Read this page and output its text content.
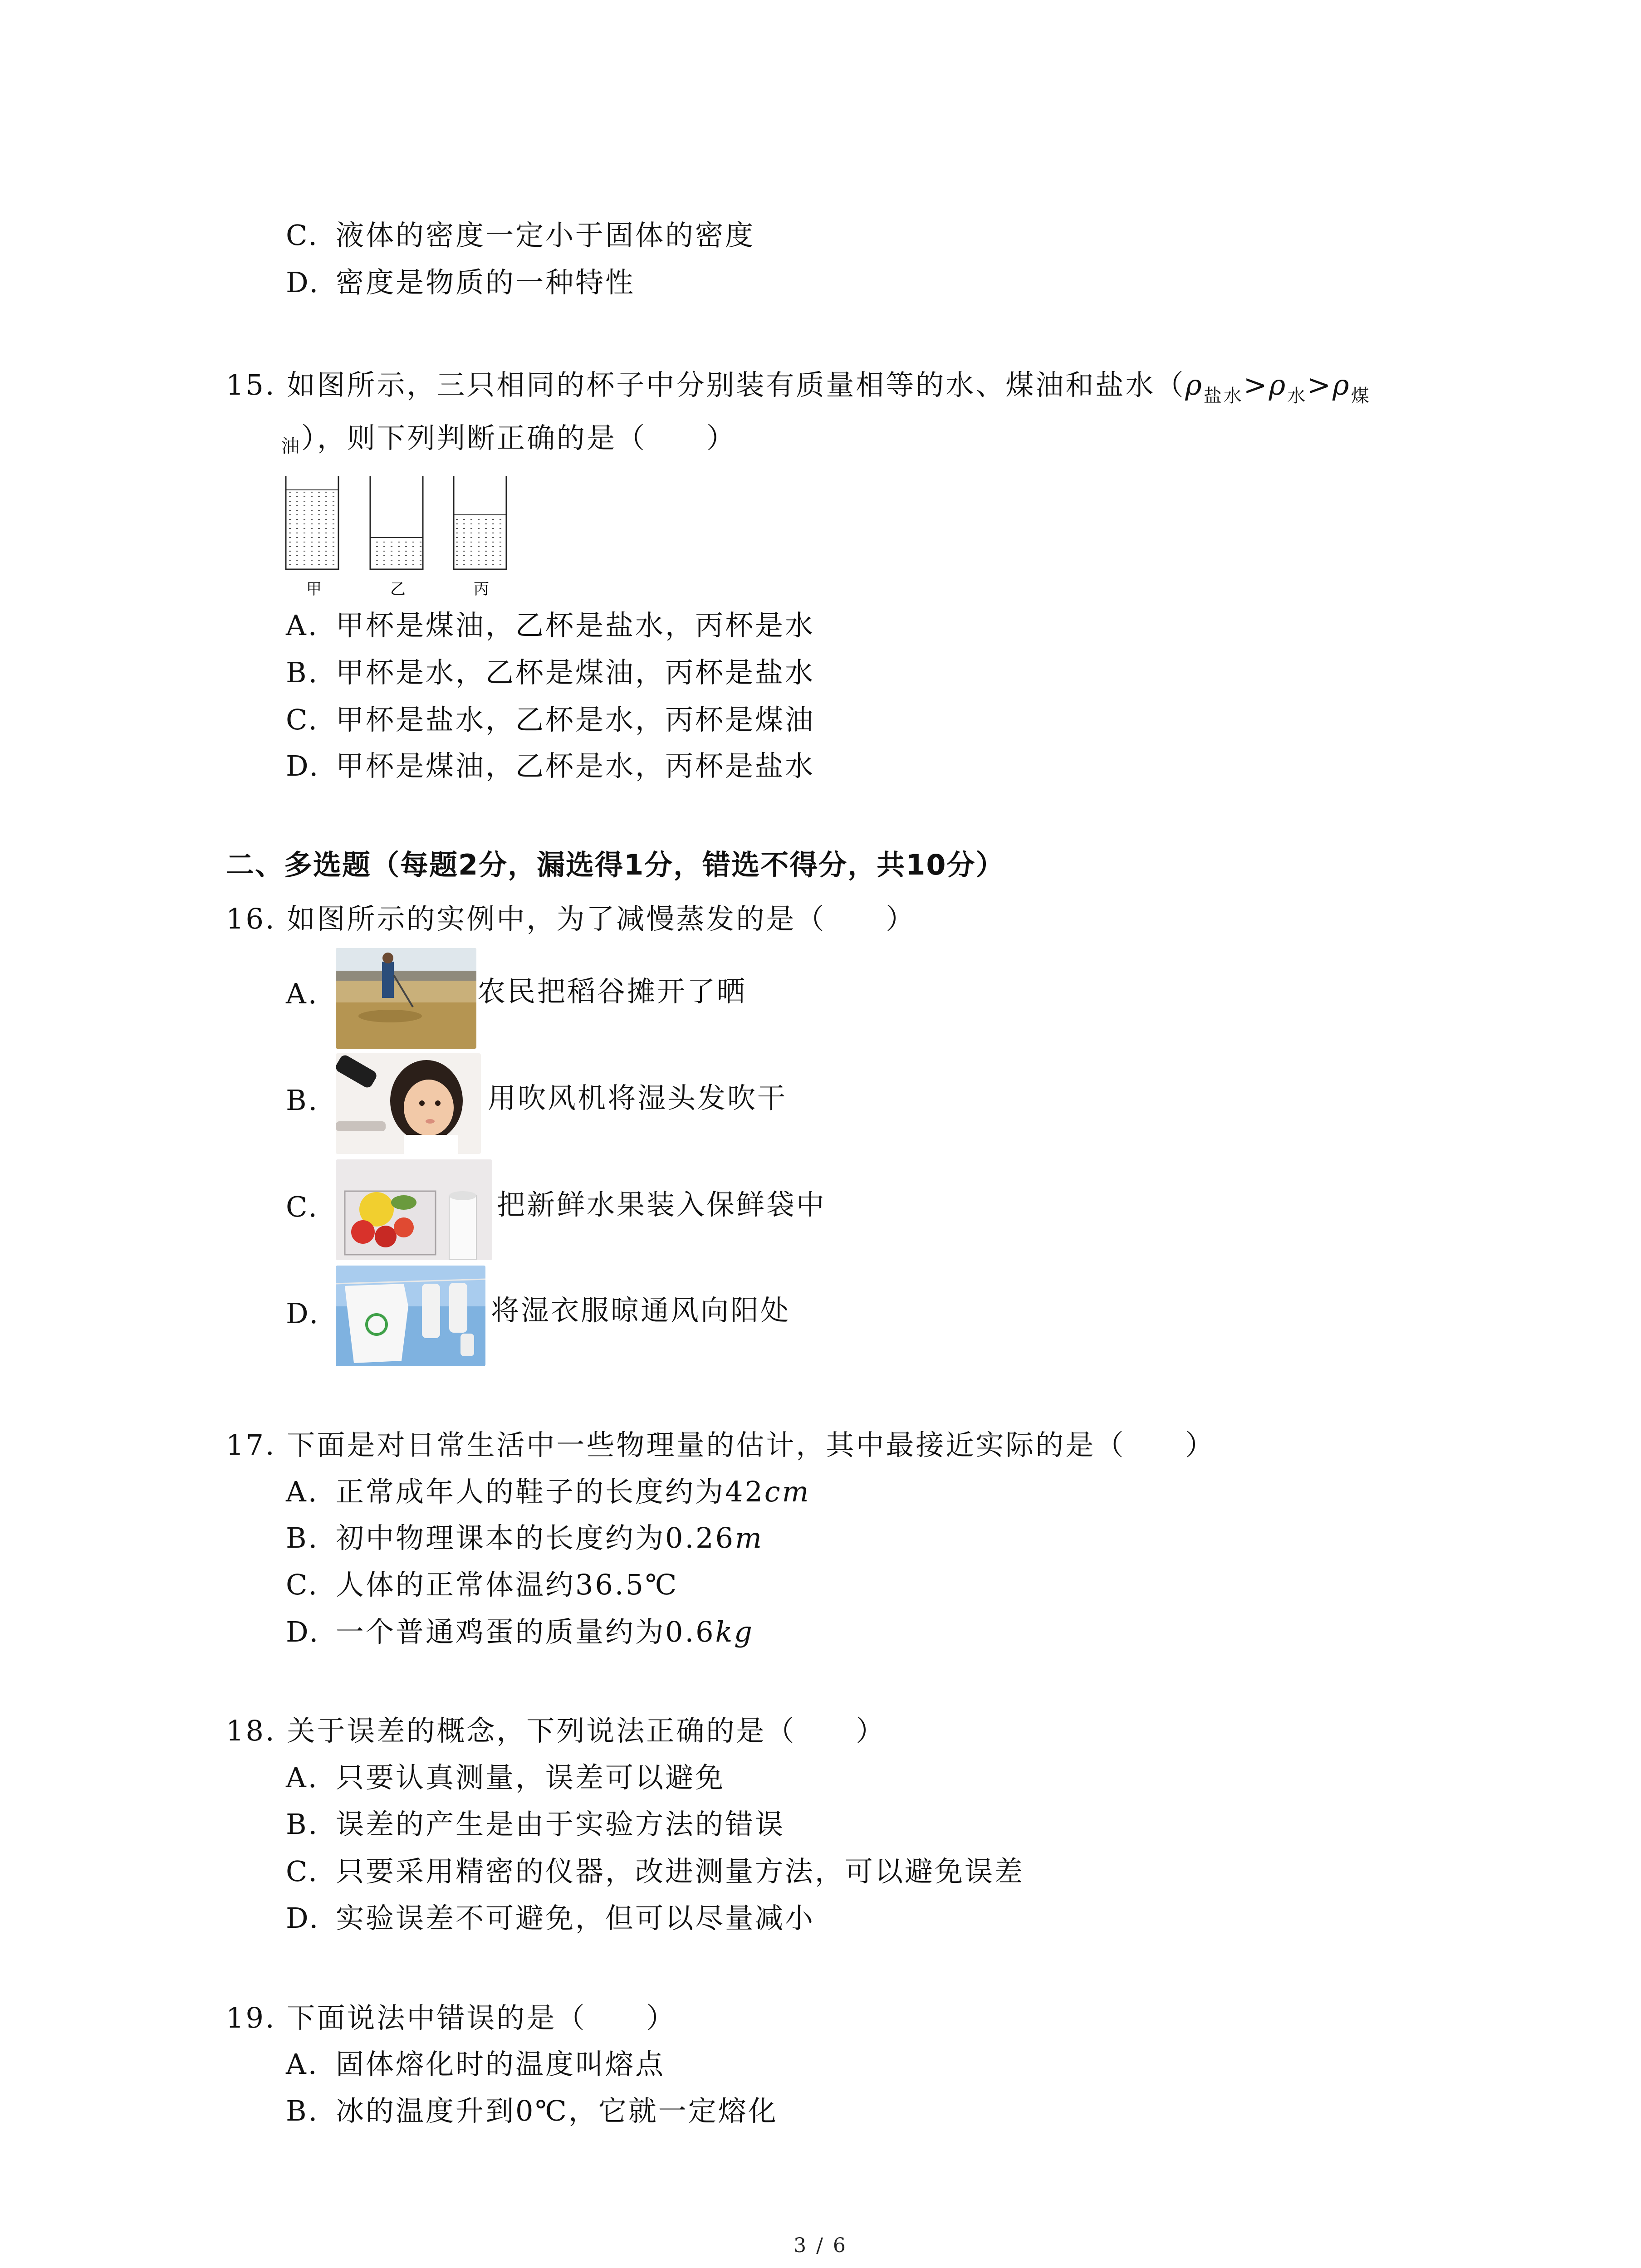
C. 液体的密度一定小于固体的密度
D. 密度是物质的一种特性
15. 如图所示，三只相同的杯子中分别装有质量相等的水、煤油和盐水（$\rho_{盐水}>\rho_水>\rho_煤$
油），则下列判断正确的是（　　）
甲	乙	丙
A. 甲杯是煤油，乙杯是盐水，丙杯是水
B. 甲杯是水，乙杯是煤油，丙杯是盐水
C. 甲杯是盐水，乙杯是水，丙杯是煤油
D. 甲杯是煤油，乙杯是水，丙杯是盐水
二、多选题（每题2分，漏选得1分，错选不得分，共10分）
16. 如图所示的实例中，为了减慢蒸发的是（　　）
A.	农民把稻谷摊开了晒
B.	用吹风机将湿头发吹干
C.	把新鲜水果装入保鲜袋中
D.	将湿衣服晾通风向阳处
17. 下面是对日常生活中一些物理量的估计，其中最接近实际的是（　　）
A. 正常成年人的鞋子的长度约为42cm
B. 初中物理课本的长度约为0.26m
C. 人体的正常体温约36.5℃
D. 一个普通鸡蛋的质量约为0.6kg
18. 关于误差的概念，下列说法正确的是（　　）
A. 只要认真测量，误差可以避免
B. 误差的产生是由于实验方法的错误
C. 只要采用精密的仪器，改进测量方法，可以避免误差
D. 实验误差不可避免，但可以尽量减小
19. 下面说法中错误的是（　　）
A. 固体熔化时的温度叫熔点
B. 冰的温度升到0℃，它就一定熔化
3 / 6
